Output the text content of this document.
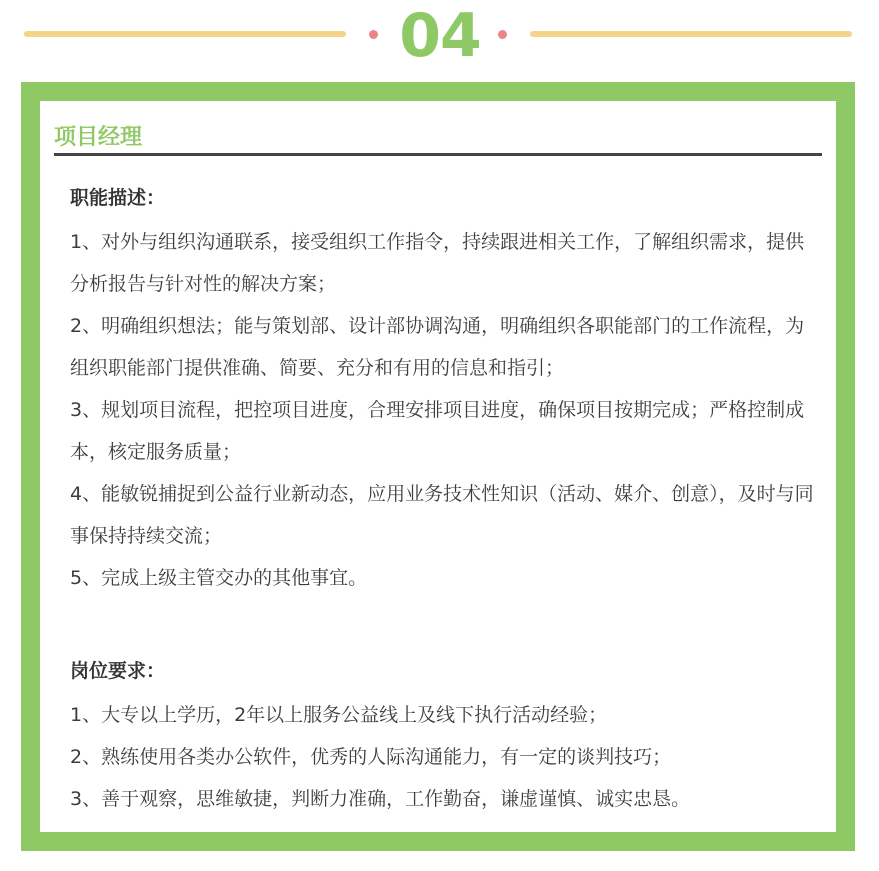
04
项目经理
职能描述：

1、对外与组织沟通联系，接受组织工作指令，持续跟进相关工作，了解组织需求，提供分析报告与针对性的解决方案；

2、明确组织想法；能与策划部、设计部协调沟通，明确组织各职能部门的工作流程，为组织职能部门提供准确、简要、充分和有用的信息和指引；

3、规划项目流程，把控项目进度，合理安排项目进度，确保项目按期完成；严格控制成本，核定服务质量；

4、能敏锐捕捉到公益行业新动态，应用业务技术性知识（活动、媒介、创意），及时与同事保持持续交流；

5、完成上级主管交办的其他事宜。

岗位要求：

1、大专以上学历，2年以上服务公益线上及线下执行活动经验；

2、熟练使用各类办公软件，优秀的人际沟通能力，有一定的谈判技巧；

3、善于观察，思维敏捷，判断力准确，工作勤奋，谦虚谨慎、诚实忠恳。
